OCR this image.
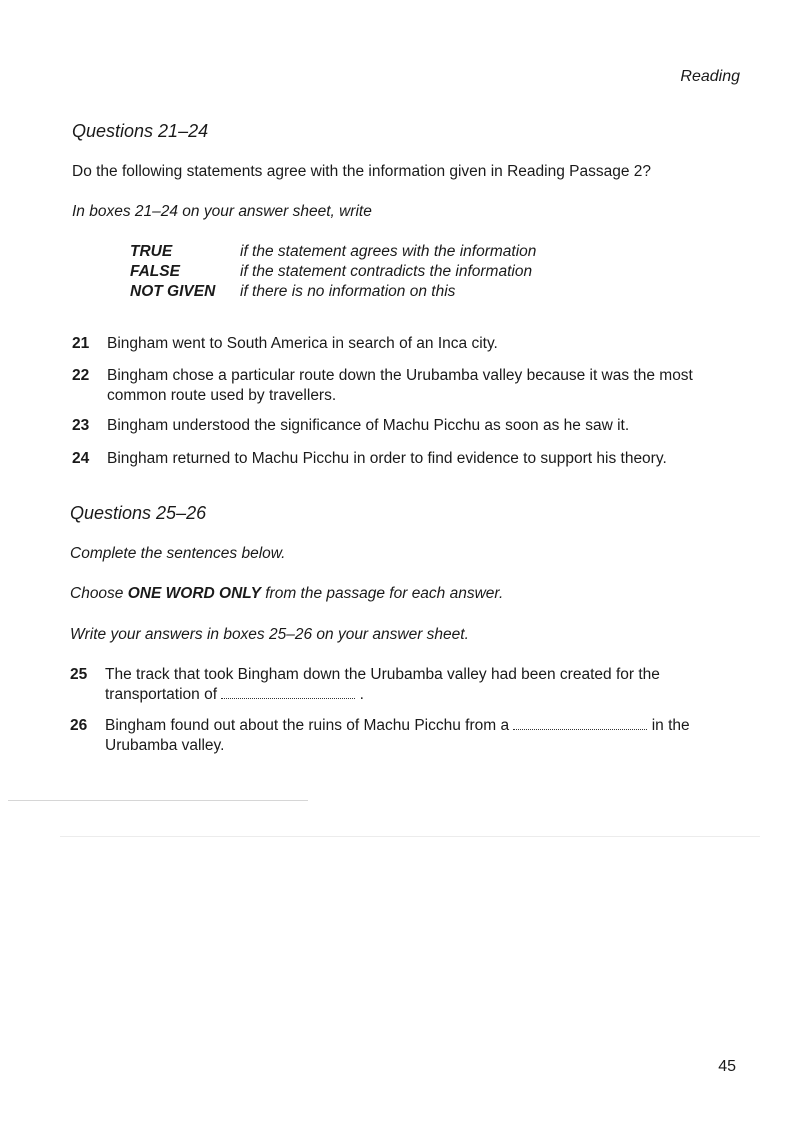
Reading
Questions 21–24
Do the following statements agree with the information given in Reading Passage 2?
In boxes 21–24 on your answer sheet, write
TRUE	if the statement agrees with the information
FALSE	if the statement contradicts the information
NOT GIVEN	if there is no information on this
21	Bingham went to South America in search of an Inca city.
22	Bingham chose a particular route down the Urubamba valley because it was the most common route used by travellers.
23	Bingham understood the significance of Machu Picchu as soon as he saw it.
24	Bingham returned to Machu Picchu in order to find evidence to support his theory.
Questions 25–26
Complete the sentences below.
Choose ONE WORD ONLY from the passage for each answer.
Write your answers in boxes 25–26 on your answer sheet.
25	The track that took Bingham down the Urubamba valley had been created for the transportation of	.
26	Bingham found out about the ruins of Machu Picchu from a	in the Urubamba valley.
45
